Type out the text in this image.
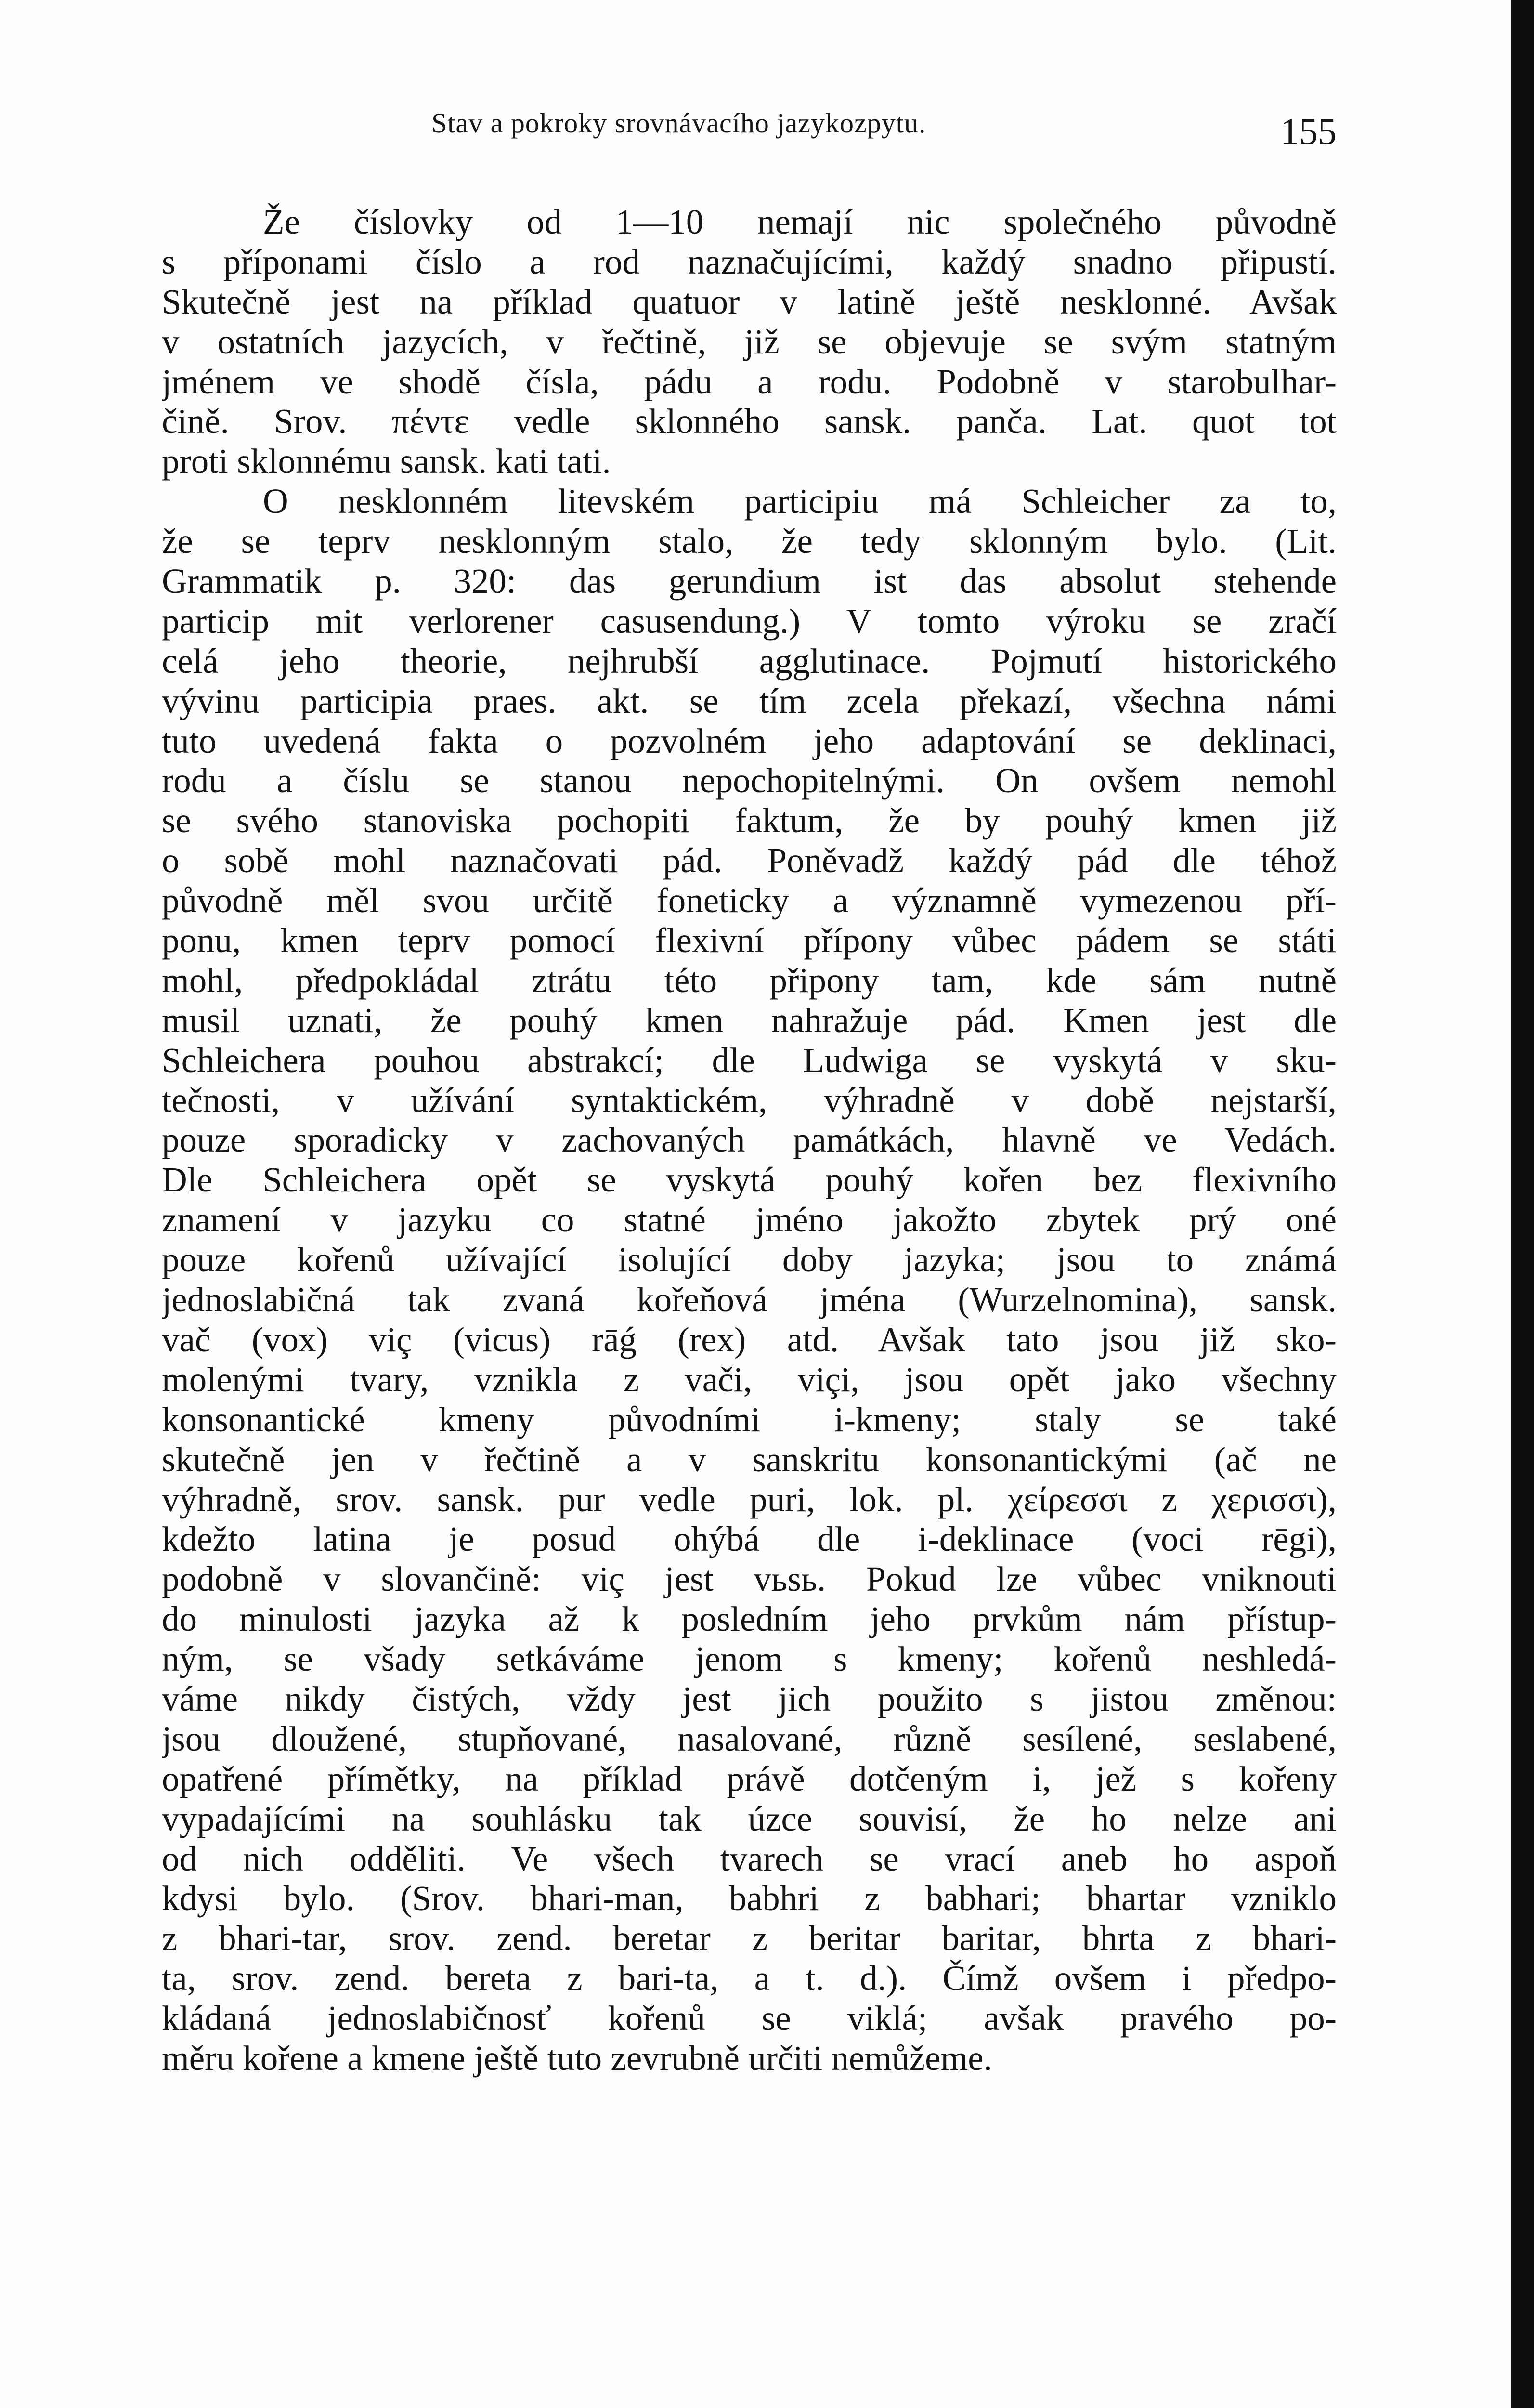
Stav a pokroky srovnávacího jazykozpytu.	155
Že číslovky od 1—10 nemají nic společného původně
s příponami číslo a rod naznačujícími, každý snadno připustí.
Skutečně jest na příklad quatuor v latině ještě nesklonné. Avšak
v ostatních jazycích, v řečtině, již se objevuje se svým statným
jménem ve shodě čísla, pádu a rodu. Podobně v starobulhar-
čině. Srov. πέντε vedle sklonného sansk. panča. Lat. quot tot
proti sklonnému sansk. kati tati.
O nesklonném litevském participiu má Schleicher za to,
že se teprv nesklonným stalo, že tedy sklonným bylo. (Lit.
Grammatik p. 320: das gerundium ist das absolut stehende
particip mit verlorener casusendung.) V tomto výroku se zračí
celá jeho theorie, nejhrubší agglutinace. Pojmutí historického
vývinu participia praes. akt. se tím zcela překazí, všechna námi
tuto uvedená fakta o pozvolném jeho adaptování se deklinaci,
rodu a číslu se stanou nepochopitelnými. On ovšem nemohl
se svého stanoviska pochopiti faktum, že by pouhý kmen již
o sobě mohl naznačovati pád. Poněvadž každý pád dle téhož
původně měl svou určitě foneticky a významně vymezenou pří-
ponu, kmen teprv pomocí flexivní přípony vůbec pádem se státi
mohl, předpokládal ztrátu této připony tam, kde sám nutně
musil uznati, že pouhý kmen nahražuje pád. Kmen jest dle
Schleichera pouhou abstrakcí; dle Ludwiga se vyskytá v sku-
tečnosti, v užívání syntaktickém, výhradně v době nejstarší,
pouze sporadicky v zachovaných památkách, hlavně ve Vedách.
Dle Schleichera opět se vyskytá pouhý kořen bez flexivního
znamení v jazyku co statné jméno jakožto zbytek prý oné
pouze kořenů užívající isolující doby jazyka; jsou to známá
jednoslabičná tak zvaná kořeňová jména (Wurzelnomina), sansk.
vač (vox) viç (vicus) rāǵ (rex) atd. Avšak tato jsou již sko-
molenými tvary, vznikla z vači, viçi, jsou opět jako všechny
konsonantické kmeny původními i-kmeny; staly se také
skutečně jen v řečtině a v sanskritu konsonantickými (ač ne
výhradně, srov. sansk. pur vedle puri, lok. pl. χείρεσσι z χερισσι),
kdežto latina je posud ohýbá dle i-deklinace (voci rēgi),
podobně v slovančině: viç jest vьsь. Pokud lze vůbec vniknouti
do minulosti jazyka až k posledním jeho prvkům nám přístup-
ným, se všady setkáváme jenom s kmeny; kořenů neshledá-
váme nikdy čistých, vždy jest jich použito s jistou změnou:
jsou dloužené, stupňované, nasalované, různě sesílené, seslabené,
opatřené přímětky, na příklad právě dotčeným i, jež s kořeny
vypadajícími na souhlásku tak úzce souvisí, že ho nelze ani
od nich odděliti. Ve všech tvarech se vrací aneb ho aspoň
kdysi bylo. (Srov. bhari-man, babhri z babhari; bhartar vzniklo
z bhari-tar, srov. zend. beretar z beritar baritar, bhrta z bhari-
ta, srov. zend. bereta z bari-ta, a t. d.). Čímž ovšem i předpo-
kládaná jednoslabičnosť kořenů se viklá; avšak pravého po-
měru kořene a kmene ještě tuto zevrubně určiti nemůžeme.
